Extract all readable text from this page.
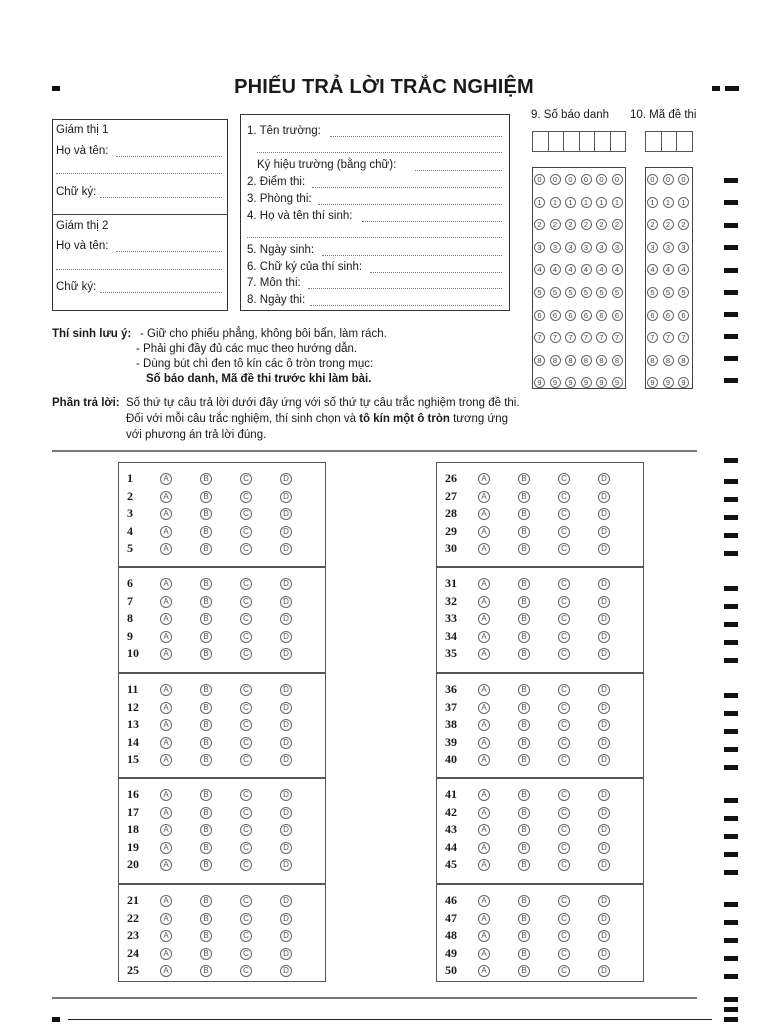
PHIẾU TRẢ LỜI TRẮC NGHIỆM
Giám thị 1
Họ và tên:
Chữ ký:
Giám thị 2
Họ và tên:
Chữ ký:
1. Tên trường:
Ký hiệu trường (bằng chữ):
2. Điểm thi:
3. Phòng thi:
4. Họ và tên thí sinh:
5. Ngày sinh:
6. Chữ ký của thí sinh:
7. Môn thi:
8. Ngày thi:
9. Số báo danh 10. Mã đề thi
0	0	0	0	0	0
1	1	1	1	1	1
2	2	2	2	2	2
3	3	3	3	3	3
4	4	4	4	4	4
5	5	5	5	5	5
6	6	6	6	6	6
7	7	7	7	7	7
8	8	8	8	8	8
9	9	9	9	9	9
0	0	0
1	1	1
2	2	2
3	3	3
4	4	4
5	5	5
6	6	6
7	7	7
8	8	8
9	9	9
Thí sinh lưu ý: - Giữ cho phiếu phẳng, không bôi bẩn, làm rách.
- Phải ghi đầy đủ các mục theo hướng dẫn.
- Dùng bút chì đen tô kín các ô tròn trong mục:
Số báo danh, Mã đề thi trước khi làm bài.
Phần trả lời: Số thứ tự câu trả lời dưới đây ứng với số thứ tự câu trắc nghiệm trong đề thi.
Đối với mỗi câu trắc nghiệm, thí sinh chọn và tô kín một ô tròn tương ứng
với phương án trả lời đúng.
1	A	B	C	D
2	A	B	C	D
3	A	B	C	D
4	A	B	C	D
5	A	B	C	D
6	A	B	C	D
7	A	B	C	D
8	A	B	C	D
9	A	B	C	D
10	A	B	C	D
11	A	B	C	D
12	A	B	C	D
13	A	B	C	D
14	A	B	C	D
15	A	B	C	D
16	A	B	C	D
17	A	B	C	D
18	A	B	C	D
19	A	B	C	D
20	A	B	C	D
21	A	B	C	D
22	A	B	C	D
23	A	B	C	D
24	A	B	C	D
25	A	B	C	D
26	A	B	C	D
27	A	B	C	D
28	A	B	C	D
29	A	B	C	D
30	A	B	C	D
31	A	B	C	D
32	A	B	C	D
33	A	B	C	D
34	A	B	C	D
35	A	B	C	D
36	A	B	C	D
37	A	B	C	D
38	A	B	C	D
39	A	B	C	D
40	A	B	C	D
41	A	B	C	D
42	A	B	C	D
43	A	B	C	D
44	A	B	C	D
45	A	B	C	D
46	A	B	C	D
47	A	B	C	D
48	A	B	C	D
49	A	B	C	D
50	A	B	C	D
